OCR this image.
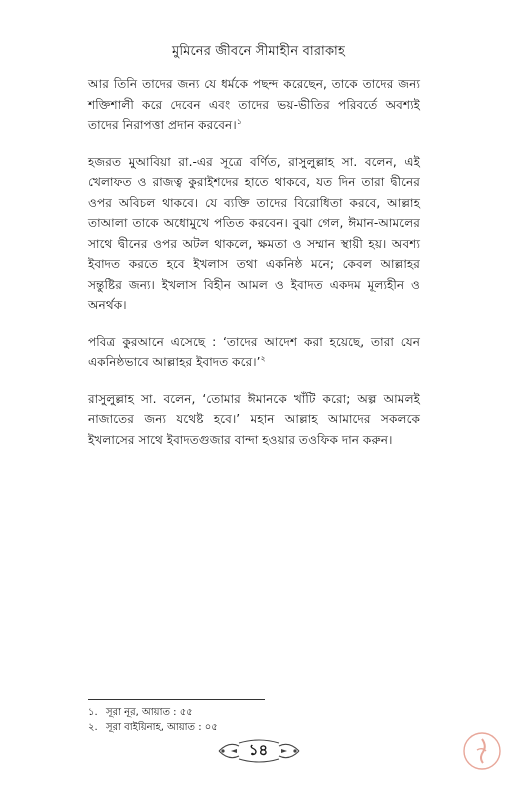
মুমিনের জীবনে সীমাহীন বারাকাহ

আর তিনি তাদের জন্য যে ধর্মকে পছন্দ করেছেন, তাকে তাদের জন্য শক্তিশালী করে দেবেন এবং তাদের ভয়-ভীতির পরিবর্তে অবশ্যই তাদের নিরাপত্তা প্রদান করবেন।$^১$

হজরত মুআবিয়া রা.-এর সূত্রে বর্ণিত, রাসুলুল্লাহ সা. বলেন, এই খেলাফত ও রাজত্ব কুরাইশদের হাতে থাকবে, যত দিন তারা দ্বীনের ওপর অবিচল থাকবে। যে ব্যক্তি তাদের বিরোধিতা করবে, আল্লাহ তাআলা তাকে অধোমুখে পতিত করবেন। বুঝা গেল, ঈমান-আমলের সাথে দ্বীনের ওপর অটল থাকলে, ক্ষমতা ও সম্মান স্থায়ী হয়। অবশ্য ইবাদত করতে হবে ইখলাস তথা একনিষ্ঠ মনে; কেবল আল্লাহর সন্তুষ্টির জন্য। ইখলাস বিহীন আমল ও ইবাদত একদম মূল্যহীন ও অনর্থক।

পবিত্র কুরআনে এসেছে : ‘তাদের আদেশ করা হয়েছে, তারা যেন একনিষ্ঠভাবে আল্লাহর ইবাদত করে।’$^২$

রাসুলুল্লাহ সা. বলেন, ‘তোমার ঈমানকে খাঁটি করো; অল্প আমলই নাজাতের জন্য যথেষ্ট হবে।’ মহান আল্লাহ আমাদের সকলকে ইখলাসের সাথে ইবাদতগুজার বান্দা হওয়ার তওফিক দান করুন।

১. সূরা নূর, আয়াত : ৫৫
২. সূরা বাইয়িনাহ, আয়াত : ০৫
১৪
